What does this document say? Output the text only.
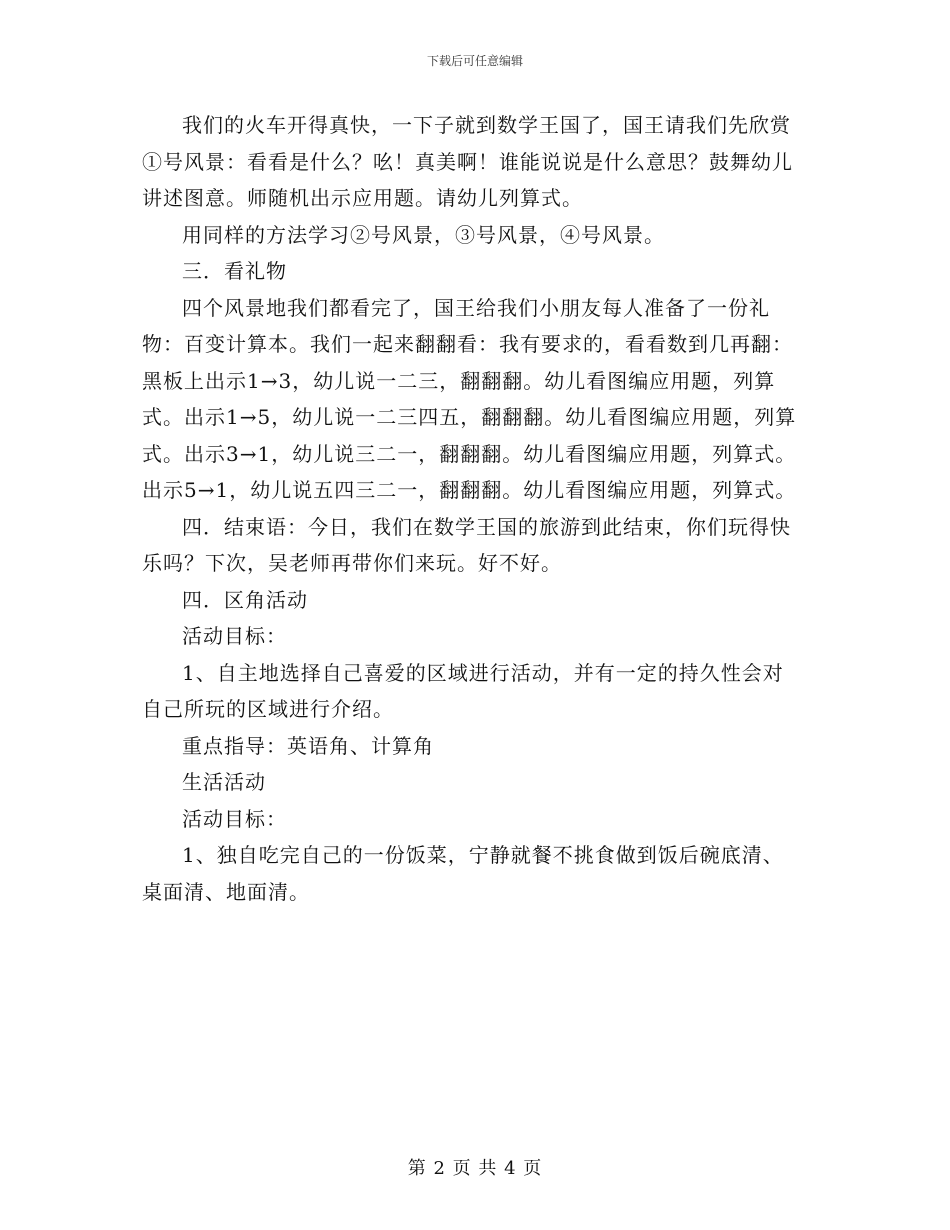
下载后可任意编辑

我们的火车开得真快，一下子就到数学王国了，国王请我们先欣赏①号风景：看看是什么？吆！真美啊！谁能说说是什么意思？鼓舞幼儿讲述图意。师随机出示应用题。请幼儿列算式。

用同样的方法学习②号风景，③号风景，④号风景。

三．看礼物

四个风景地我们都看完了，国王给我们小朋友每人准备了一份礼物：百变计算本。我们一起来翻翻看：我有要求的，看看数到几再翻：黑板上出示1→3，幼儿说一二三，翻翻翻。幼儿看图编应用题，列算式。出示1→5，幼儿说一二三四五，翻翻翻。幼儿看图编应用题，列算式。出示3→1，幼儿说三二一，翻翻翻。幼儿看图编应用题，列算式。出示5→1，幼儿说五四三二一，翻翻翻。幼儿看图编应用题，列算式。

四．结束语：今日，我们在数学王国的旅游到此结束，你们玩得快乐吗？下次，吴老师再带你们来玩。好不好。

四．区角活动

活动目标：

1、自主地选择自己喜爱的区域进行活动，并有一定的持久性会对自己所玩的区域进行介绍。

重点指导：英语角、计算角

生活活动

活动目标：

1、独自吃完自己的一份饭菜，宁静就餐不挑食做到饭后碗底清、桌面清、地面清。

第 2 页 共 4 页
